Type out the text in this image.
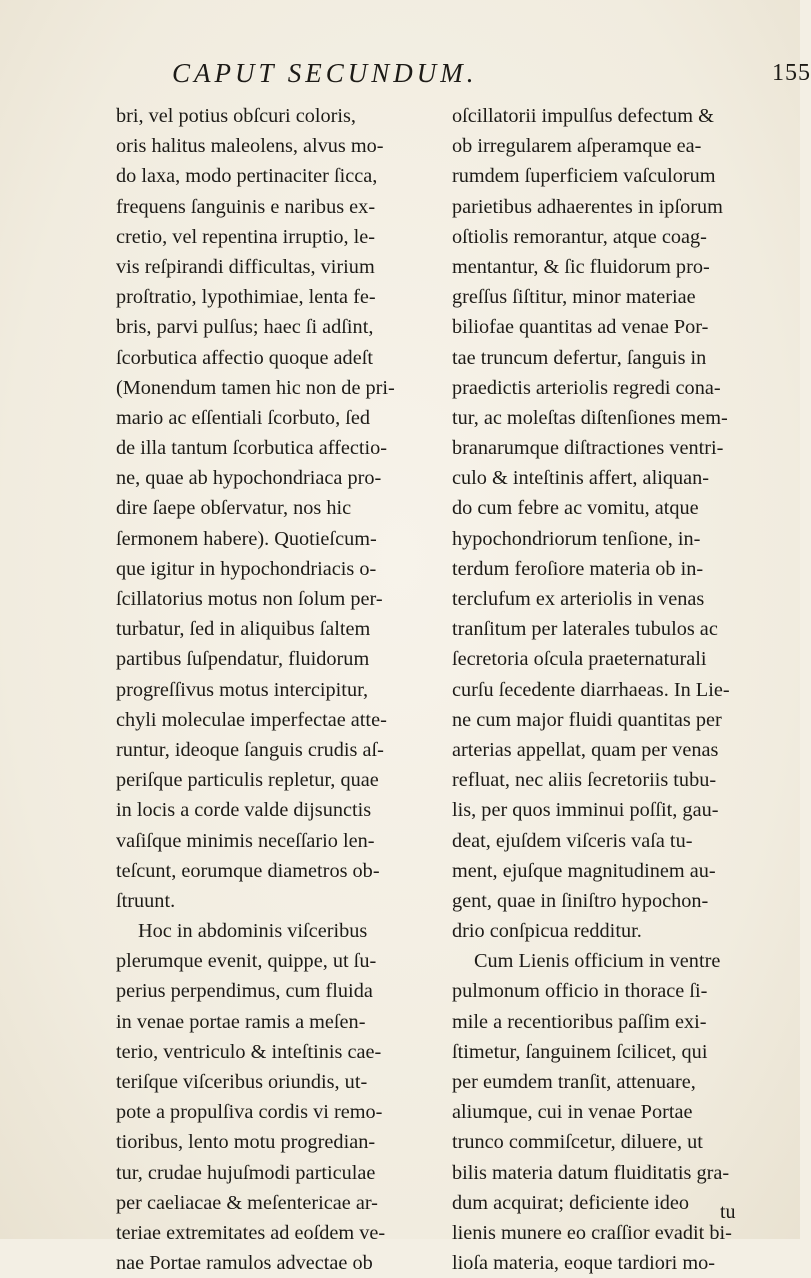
CAPUT SECUNDUM.	155
bri, vel potius obſcuri coloris,
oris halitus maleolens, alvus mo-
do laxa, modo pertinaciter ſicca,
frequens ſanguinis e naribus ex-
cretio, vel repentina irruptio, le-
vis reſpirandi difficultas, virium
proſtratio, lypothimiae, lenta fe-
bris, parvi pulſus; haec ſi adſint,
ſcorbutica affectio quoque adeſt
(Monendum tamen hic non de pri-
mario ac eſſentiali ſcorbuto, ſed
de illa tantum ſcorbutica affectio-
ne, quae ab hypochondriaca pro-
dire ſaepe obſervatur, nos hic
ſermonem habere). Quotieſcum-
que igitur in hypochondriacis o-
ſcillatorius motus non ſolum per-
turbatur, ſed in aliquibus ſaltem
partibus ſuſpendatur, fluidorum
progreſſivus motus intercipitur,
chyli moleculae imperfectae atte-
runtur, ideoque ſanguis crudis aſ-
periſque particulis repletur, quae
in locis a corde valde dijsunctis
vaſiſque minimis neceſſario len-
teſcunt, eorumque diametros ob-
ſtruunt.
Hoc in abdominis viſceribus
plerumque evenit, quippe, ut ſu-
perius perpendimus, cum fluida
in venae portae ramis a meſen-
terio, ventriculo & inteſtinis cae-
teriſque viſceribus oriundis, ut-
pote a propulſiva cordis vi remo-
tioribus, lento motu progredian-
tur, crudae hujuſmodi particulae
per caeliacae & meſentericae ar-
teriae extremitates ad eoſdem ve-
nae Portae ramulos advectae ob
oſcillatorii impulſus defectum &
ob irregularem aſperamque ea-
rumdem ſuperficiem vaſculorum
parietibus adhaerentes in ipſorum
oſtiolis remorantur, atque coag-
mentantur, & ſic fluidorum pro-
greſſus ſiſtitur, minor materiae
biliofae quantitas ad venae Por-
tae truncum defertur, ſanguis in
praedictis arteriolis regredi cona-
tur, ac moleſtas diſtenſiones mem-
branarumque diſtractiones ventri-
culo & inteſtinis affert, aliquan-
do cum febre ac vomitu, atque
hypochondriorum tenſione, in-
terdum feroſiore materia ob in-
terclufum ex arteriolis in venas
tranſitum per laterales tubulos ac
ſecretoria oſcula praeternaturali
curſu ſecedente diarrhaeas. In Lie-
ne cum major fluidi quantitas per
arterias appellat, quam per venas
refluat, nec aliis ſecretoriis tubu-
lis, per quos imminui poſſit, gau-
deat, ejuſdem viſceris vaſa tu-
ment, ejuſque magnitudinem au-
gent, quae in ſiniſtro hypochon-
drio conſpicua redditur.
Cum Lienis officium in ventre
pulmonum officio in thorace ſi-
mile a recentioribus paſſim exi-
ſtimetur, ſanguinem ſcilicet, qui
per eumdem tranſit, attenuare,
aliumque, cui in venae Portae
trunco commiſcetur, diluere, ut
bilis materia datum fluiditatis gra-
dum acquirat; deficiente ideo
lienis munere eo craſſior evadit bi-
lioſa materia, eoque tardiori mo-
tu
